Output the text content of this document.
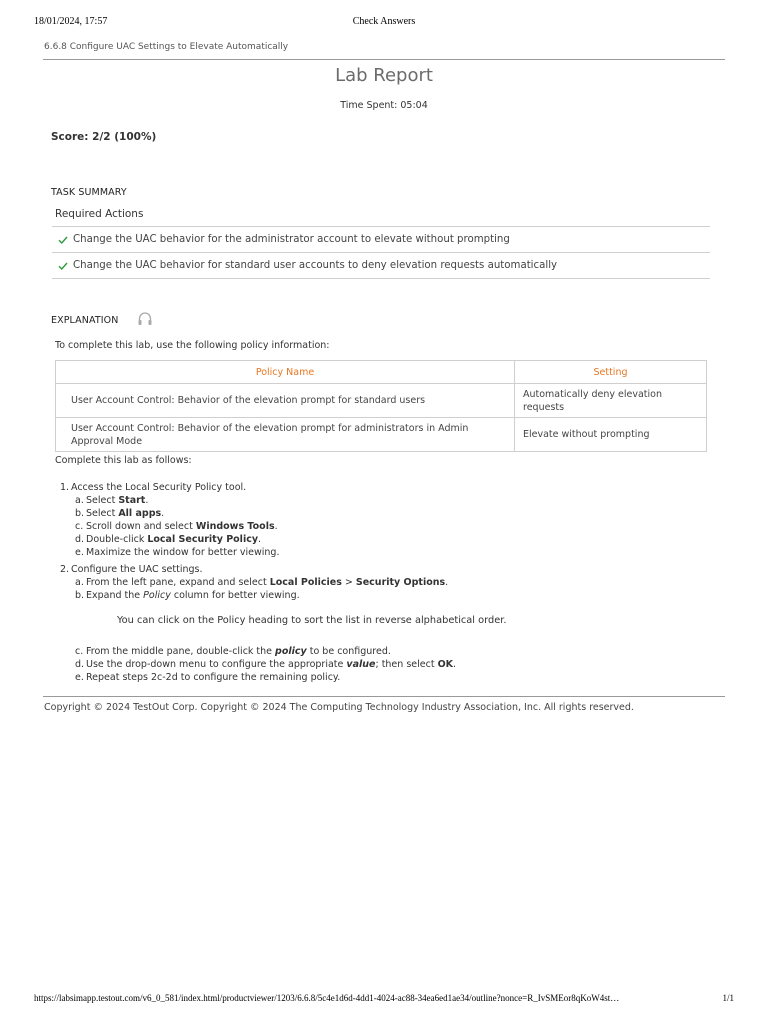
18/01/2024, 17:57	Check Answers
6.6.8 Configure UAC Settings to Elevate Automatically
Lab Report
Time Spent: 05:04
Score: 2/2 (100%)
TASK SUMMARY
Required Actions
Change the UAC behavior for the administrator account to elevate without prompting
Change the UAC behavior for standard user accounts to deny elevation requests automatically
EXPLANATION
To complete this lab, use the following policy information:
Policy Name	Setting
User Account Control: Behavior of the elevation prompt for standard users	Automatically deny elevation requests
User Account Control: Behavior of the elevation prompt for administrators in Admin Approval Mode	Elevate without prompting
Complete this lab as follows:
1. Access the Local Security Policy tool.
a. Select Start.
b. Select All apps.
c. Scroll down and select Windows Tools.
d. Double-click Local Security Policy.
e. Maximize the window for better viewing.
2. Configure the UAC settings.
a. From the left pane, expand and select Local Policies > Security Options.
b. Expand the Policy column for better viewing.
You can click on the Policy heading to sort the list in reverse alphabetical order.
c. From the middle pane, double-click the policy to be configured.
d. Use the drop-down menu to configure the appropriate value; then select OK.
e. Repeat steps 2c-2d to configure the remaining policy.
Copyright © 2024 TestOut Corp. Copyright © 2024 The Computing Technology Industry Association, Inc. All rights reserved.
https://labsimapp.testout.com/v6_0_581/index.html/productviewer/1203/6.6.8/5c4e1d6d-4dd1-4024-ac88-34ea6ed1ae34/outline?nonce=R_IvSMEor8qKoW4st…	1/1
